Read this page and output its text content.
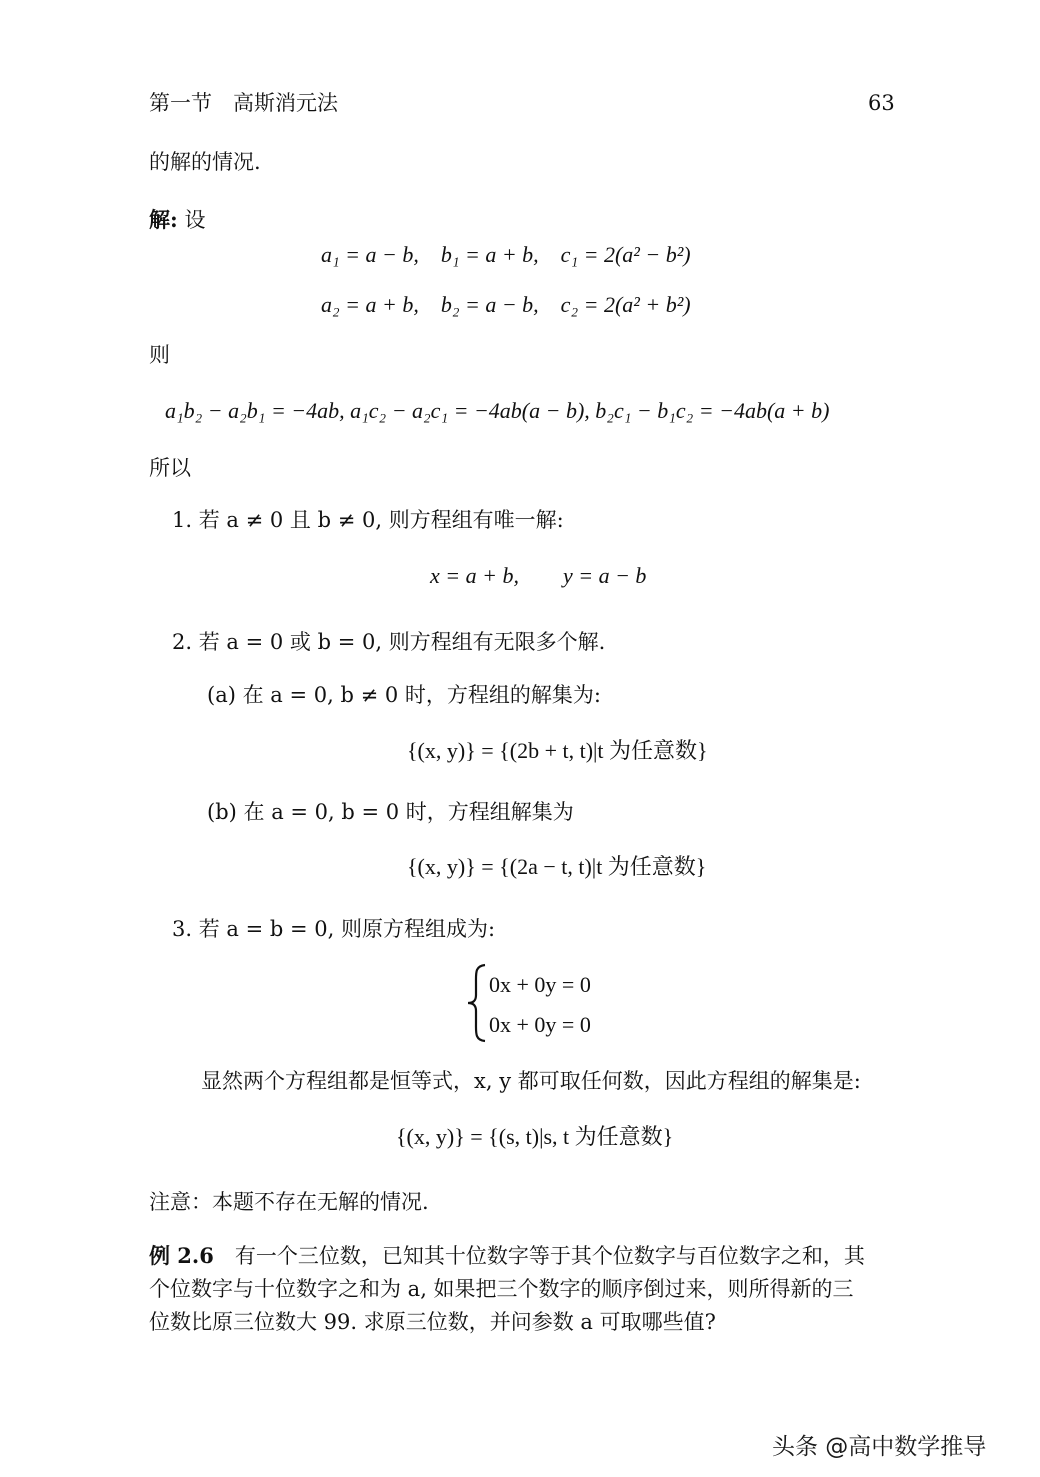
第一节　高斯消元法	63
的解的情况.
解: 设
a₁ = a − b,　b₁ = a + b,　c₁ = 2(a² − b²)
a₂ = a + b,　b₂ = a − b,　c₂ = 2(a² + b²)
则
a₁b₂ − a₂b₁ = −4ab, a₁c₂ − a₂c₁ = −4ab(a − b), b₂c₁ − b₁c₂ = −4ab(a + b)
所以
1. 若 a ≠ 0 且 b ≠ 0, 则方程组有唯一解:
x = a + b,　　y = a − b
2. 若 a = 0 或 b = 0, 则方程组有无限多个解.
(a) 在 a = 0, b ≠ 0 时，方程组的解集为:
{(x, y)} = {(2b + t, t)|t 为任意数}
(b) 在 a = 0, b = 0 时，方程组解集为
{(x, y)} = {(2a − t, t)|t 为任意数}
3. 若 a = b = 0, 则原方程组成为:
0x + 0y = 0
0x + 0y = 0
显然两个方程组都是恒等式，x, y 都可取任何数，因此方程组的解集是:
{(x, y)} = {(s, t)|s, t 为任意数}
注意：本题不存在无解的情况.
例 2.6　 有一个三位数，已知其十位数字等于其个位数字与百位数字之和，其
个位数字与十位数字之和为 a, 如果把三个数字的顺序倒过来，则所得新的三
位数比原三位数大 99. 求原三位数，并问参数 a 可取哪些值?
头条 @高中数学推导
